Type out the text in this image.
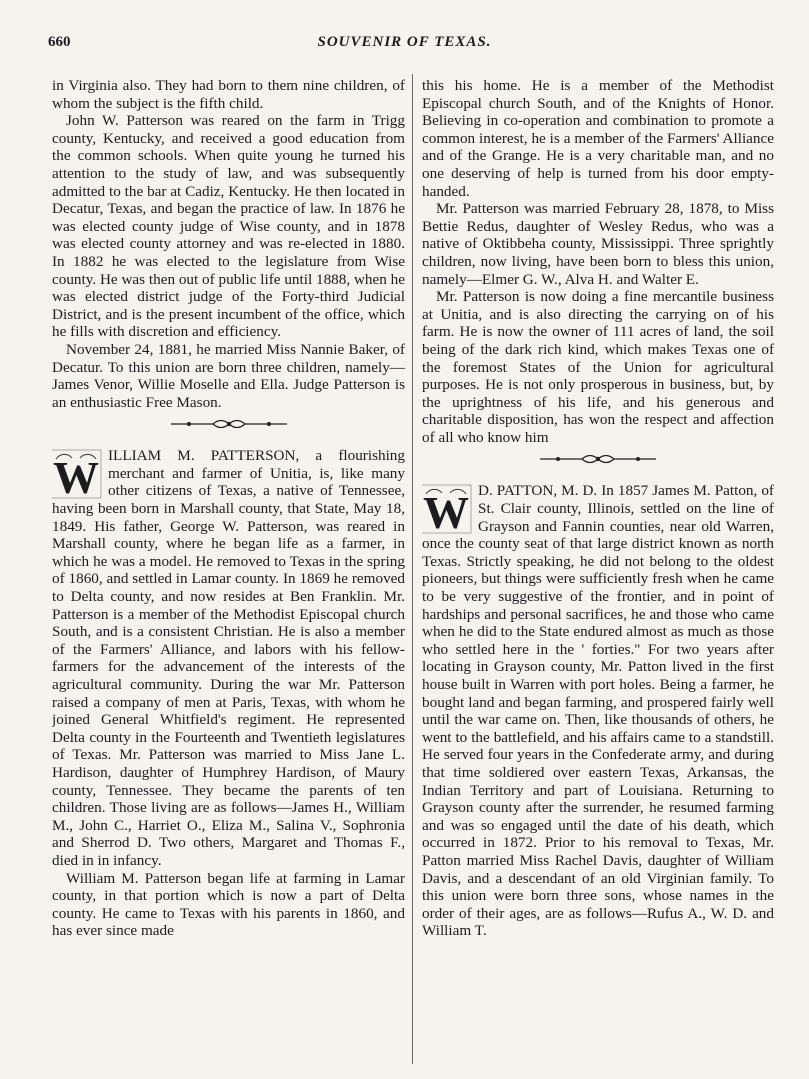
660	SOUVENIR OF TEXAS.

in Virginia also. They had born to them nine children, of whom the subject is the fifth child.

John W. Patterson was reared on the farm in Trigg county, Kentucky, and received a good education from the common schools. When quite young he turned his attention to the study of law, and was subsequently admitted to the bar at Cadiz, Kentucky. He then located in Decatur, Texas, and began the practice of law. In 1876 he was elected county judge of Wise county, and in 1878 was elected county attorney and was re-elected in 1880. In 1882 he was elected to the legislature from Wise county. He was then out of public life until 1888, when he was elected district judge of the Forty-third Judicial District, and is the present incumbent of the office, which he fills with discretion and efficiency.

November 24, 1881, he married Miss Nannie Baker, of Decatur. To this union are born three children, namely—James Venor, Willie Moselle and Ella. Judge Patterson is an enthusiastic Free Mason.

W ILLIAM M. PATTERSON, a flourishing merchant and farmer of Unitia, is, like many other citizens of Texas, a native of Tennessee, having been born in Marshall county, that State, May 18, 1849. His father, George W. Patterson, was reared in Marshall county, where he began life as a farmer, in which he was a model. He removed to Texas in the spring of 1860, and settled in Lamar county. In 1869 he removed to Delta county, and now resides at Ben Franklin. Mr. Patterson is a member of the Methodist Episcopal church South, and is a consistent Christian. He is also a member of the Farmers' Alliance, and labors with his fellow-farmers for the advancement of the interests of the agricultural community. During the war Mr. Patterson raised a company of men at Paris, Texas, with whom he joined General Whitfield's regiment. He represented Delta county in the Fourteenth and Twentieth legislatures of Texas. Mr. Patterson was married to Miss Jane L. Hardison, daughter of Humphrey Hardison, of Maury county, Tennessee. They became the parents of ten children. Those living are as follows—James H., William M., John C., Harriet O., Eliza M., Salina V., Sophronia and Sherrod D. Two others, Margaret and Thomas F., died in in infancy.

William M. Patterson began life at farming in Lamar county, in that portion which is now a part of Delta county. He came to Texas with his parents in 1860, and has ever since made

this his home. He is a member of the Methodist Episcopal church South, and of the Knights of Honor. Believing in co-operation and combination to promote a common interest, he is a member of the Farmers' Alliance and of the Grange. He is a very charitable man, and no one deserving of help is turned from his door empty-handed.

Mr. Patterson was married February 28, 1878, to Miss Bettie Redus, daughter of Wesley Redus, who was a native of Oktibbeha county, Mississippi. Three sprightly children, now living, have been born to bless this union, namely—Elmer G. W., Alva H. and Walter E.

Mr. Patterson is now doing a fine mercantile business at Unitia, and is also directing the carrying on of his farm. He is now the owner of 111 acres of land, the soil being of the dark rich kind, which makes Texas one of the foremost States of the Union for agricultural purposes. He is not only prosperous in business, but, by the uprightness of his life, and his generous and charitable disposition, has won the respect and affection of all who know him

W D. PATTON, M. D. In 1857 James M. Patton, of St. Clair county, Illinois, settled on the line of Grayson and Fannin counties, near old Warren, once the county seat of that large district known as north Texas. Strictly speaking, he did not belong to the oldest pioneers, but things were sufficiently fresh when he came to be very suggestive of the frontier, and in point of hardships and personal sacrifices, he and those who came when he did to the State endured almost as much as those who settled here in the ' forties." For two years after locating in Grayson county, Mr. Patton lived in the first house built in Warren with port holes. Being a farmer, he bought land and began farming, and prospered fairly well until the war came on. Then, like thousands of others, he went to the battlefield, and his affairs came to a standstill. He served four years in the Confederate army, and during that time soldiered over eastern Texas, Arkansas, the Indian Territory and part of Louisiana. Returning to Grayson county after the surrender, he resumed farming and was so engaged until the date of his death, which occurred in 1872. Prior to his removal to Texas, Mr. Patton married Miss Rachel Davis, daughter of William Davis, and a descendant of an old Virginian family. To this union were born three sons, whose names in the order of their ages, are as follows—Rufus A., W. D. and William T.
